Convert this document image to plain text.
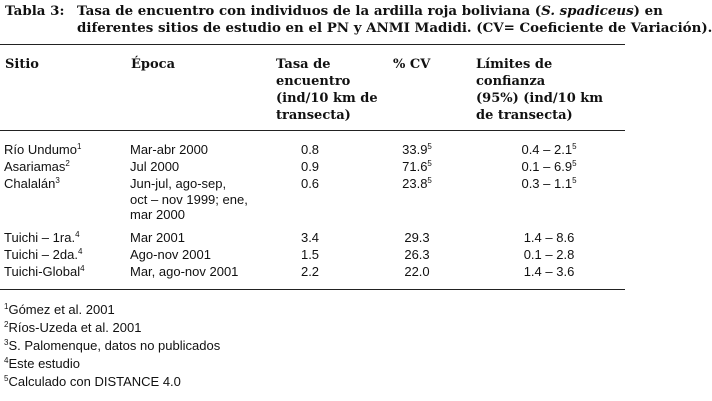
Tabla 3: Tasa de encuentro con individuos de la ardilla roja boliviana (S. spadiceus) en
diferentes sitios de estudio en el PN y ANMI Madidi. (CV= Coeficiente de Variación).
Sitio	Época	Tasa de
encuentro
(ind/10 km de
transecta)
% CV	Límites de confianza
(95%) (ind/10 km
de transecta)
Río Undumo$^1$	Mar-abr 2000	0.8	33.9$^5$	$0.4 - 2.1^5$
Asariamas$^2$	Jul 2000	0.9	71.6$^5$	$0.1 - 6.9^5$
Chalalán$^3$	Jun-jul, ago-sep,
oct – nov 1999; ene,
mar 2000
0.6	23.8$^5$	$0.3 - 1.1^5$
Tuichi – 1ra.$^4$	Mar 2001	3.4	29.3	1.4 – 8.6
Tuichi – 2da.$^4$	Ago-nov 2001	1.5	26.3	0.1 – 2.8
Tuichi-Global$^4$	Mar, ago-nov 2001	2.2	22.0	1.4 – 3.6
$^1$Gómez et al. 2001
$^2$Ríos-Uzeda et al. 2001
$^3$S. Palomenque, datos no publicados
$^4$Este estudio
$^5$Calculado con DISTANCE 4.0
